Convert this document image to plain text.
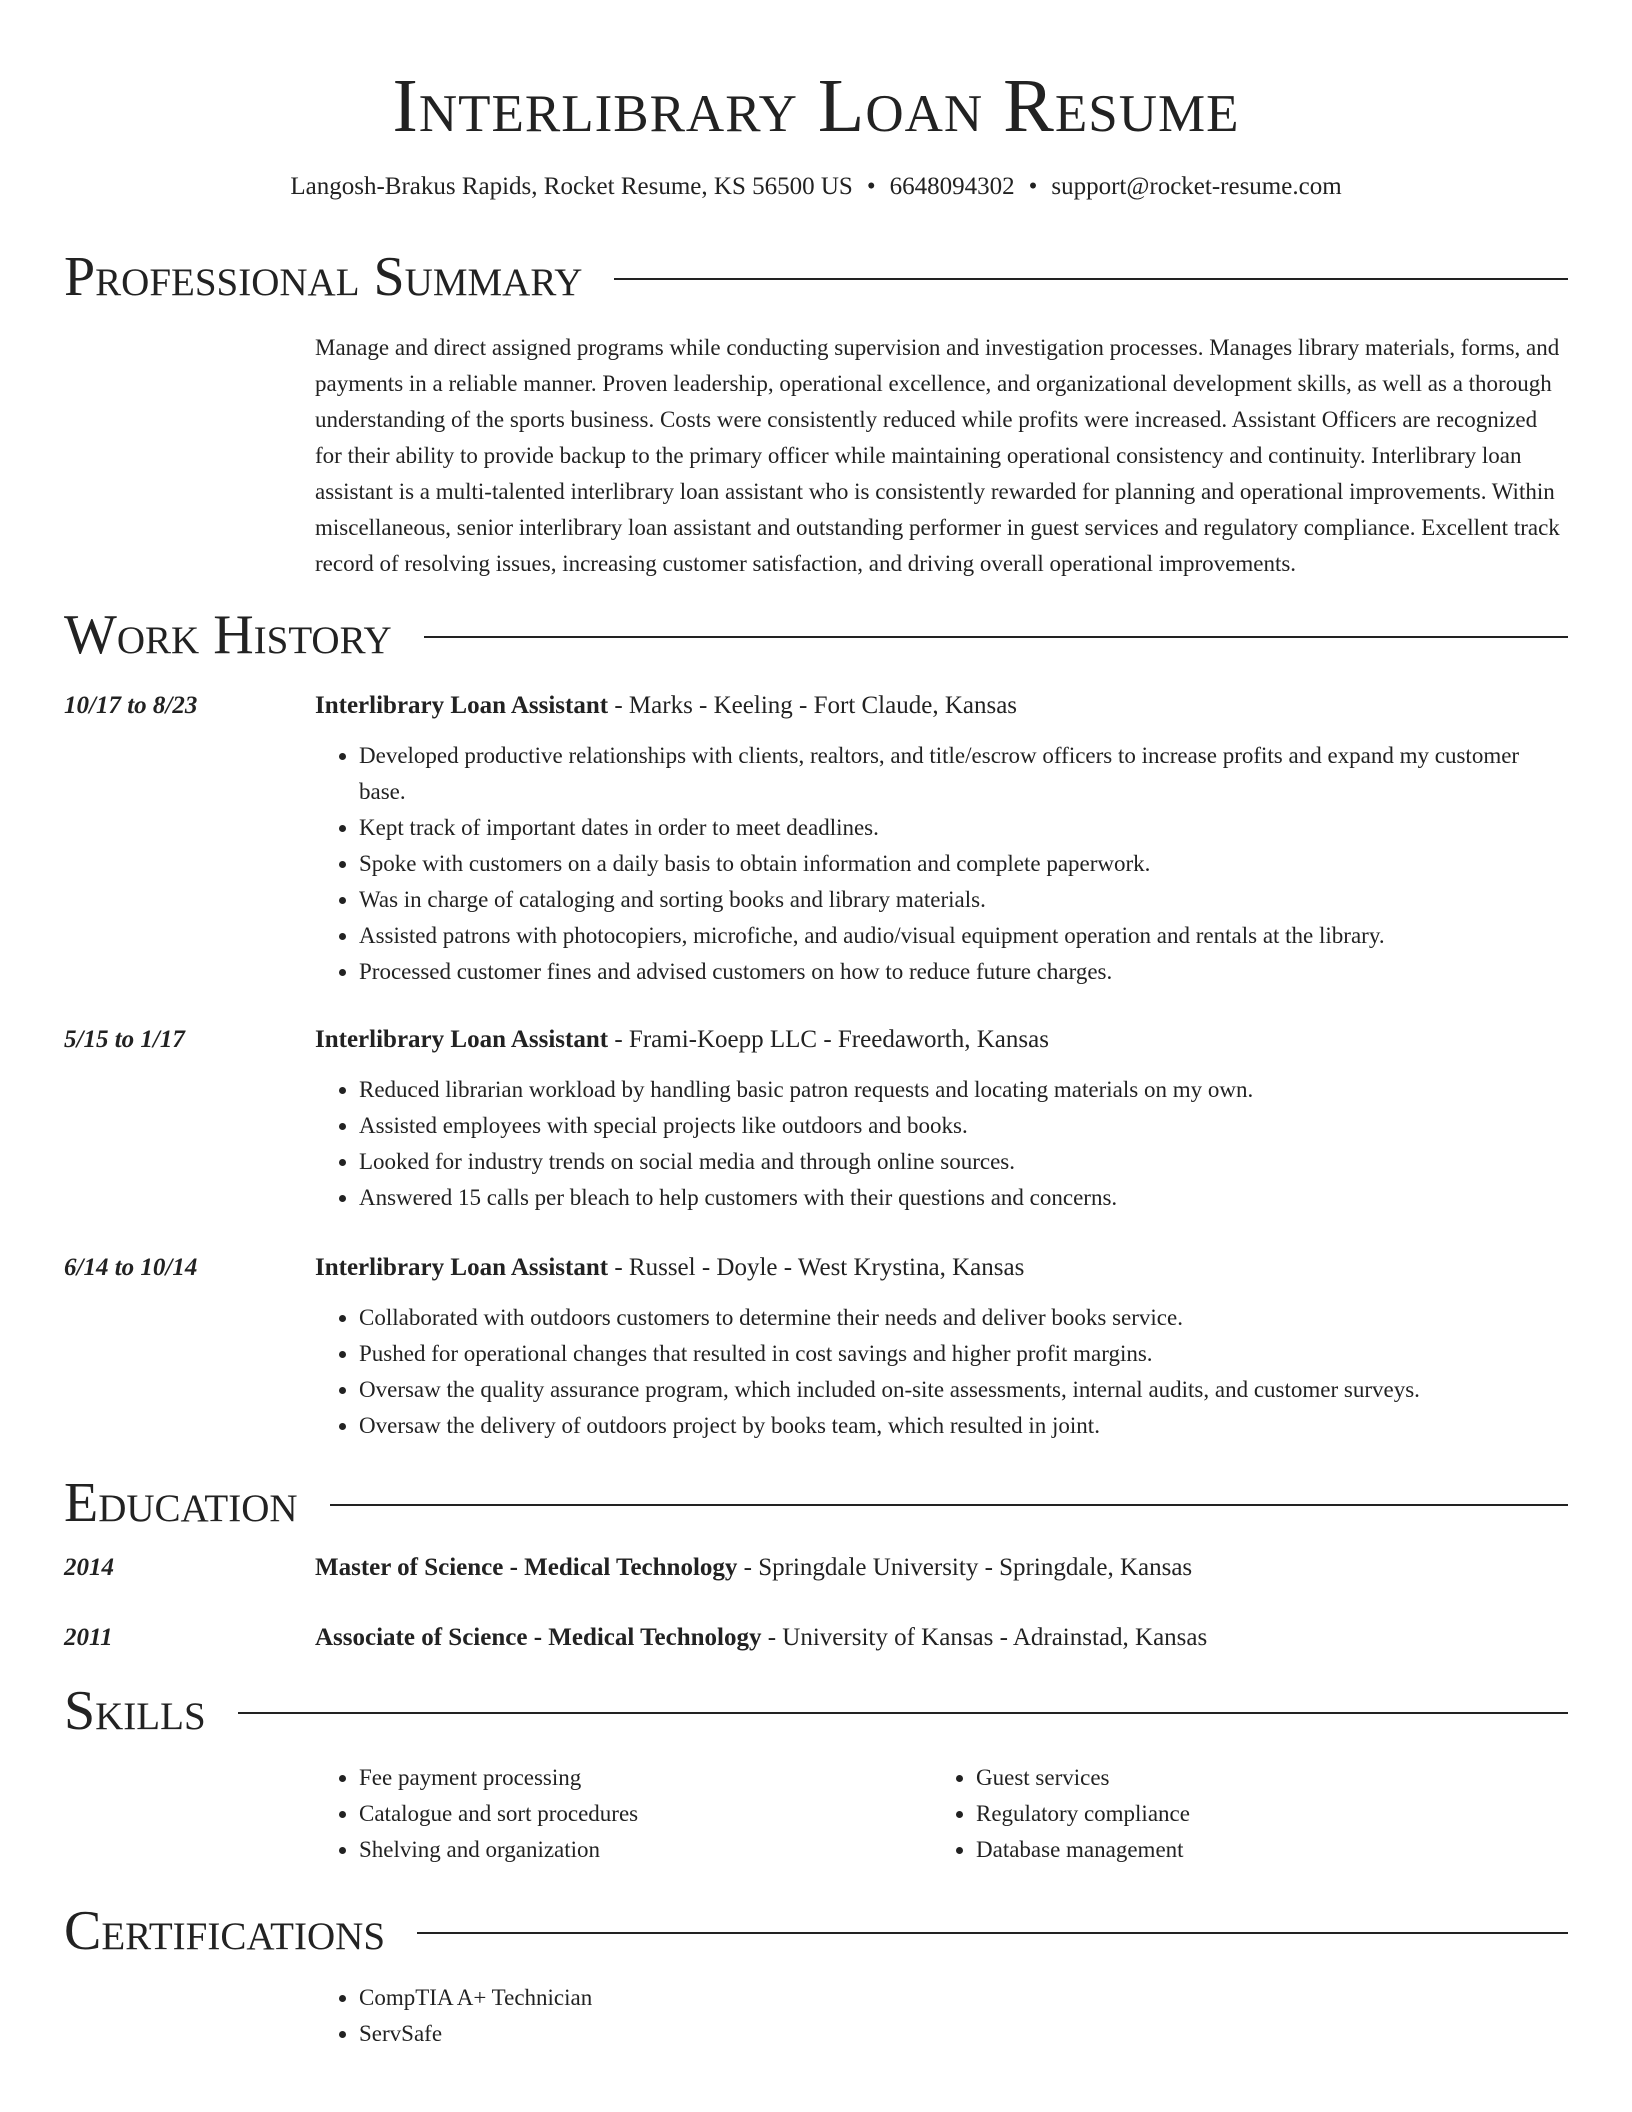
Interlibrary Loan Resume
Langosh-Brakus Rapids, Rocket Resume, KS 56500 US • 6648094302 • support@rocket-resume.com
Professional Summary
Manage and direct assigned programs while conducting supervision and investigation processes. Manages library materials, forms, and payments in a reliable manner. Proven leadership, operational excellence, and organizational development skills, as well as a thorough understanding of the sports business. Costs were consistently reduced while profits were increased. Assistant Officers are recognized for their ability to provide backup to the primary officer while maintaining operational consistency and continuity. Interlibrary loan assistant is a multi-talented interlibrary loan assistant who is consistently rewarded for planning and operational improvements. Within miscellaneous, senior interlibrary loan assistant and outstanding performer in guest services and regulatory compliance. Excellent track record of resolving issues, increasing customer satisfaction, and driving overall operational improvements.
Work History
10/17 to 8/23	Interlibrary Loan Assistant - Marks - Keeling - Fort Claude, Kansas
• Developed productive relationships with clients, realtors, and title/escrow officers to increase profits and expand my customer base.
• Kept track of important dates in order to meet deadlines.
• Spoke with customers on a daily basis to obtain information and complete paperwork.
• Was in charge of cataloging and sorting books and library materials.
• Assisted patrons with photocopiers, microfiche, and audio/visual equipment operation and rentals at the library.
• Processed customer fines and advised customers on how to reduce future charges.
5/15 to 1/17	Interlibrary Loan Assistant - Frami-Koepp LLC - Freedaworth, Kansas
• Reduced librarian workload by handling basic patron requests and locating materials on my own.
• Assisted employees with special projects like outdoors and books.
• Looked for industry trends on social media and through online sources.
• Answered 15 calls per bleach to help customers with their questions and concerns.
6/14 to 10/14	Interlibrary Loan Assistant - Russel - Doyle - West Krystina, Kansas
• Collaborated with outdoors customers to determine their needs and deliver books service.
• Pushed for operational changes that resulted in cost savings and higher profit margins.
• Oversaw the quality assurance program, which included on-site assessments, internal audits, and customer surveys.
• Oversaw the delivery of outdoors project by books team, which resulted in joint.
Education
2014	Master of Science - Medical Technology - Springdale University - Springdale, Kansas
2011	Associate of Science - Medical Technology - University of Kansas - Adrainstad, Kansas
Skills
• Fee payment processing
• Catalogue and sort procedures
• Shelving and organization
• Guest services
• Regulatory compliance
• Database management
Certifications
• CompTIA A+ Technician
• ServSafe
